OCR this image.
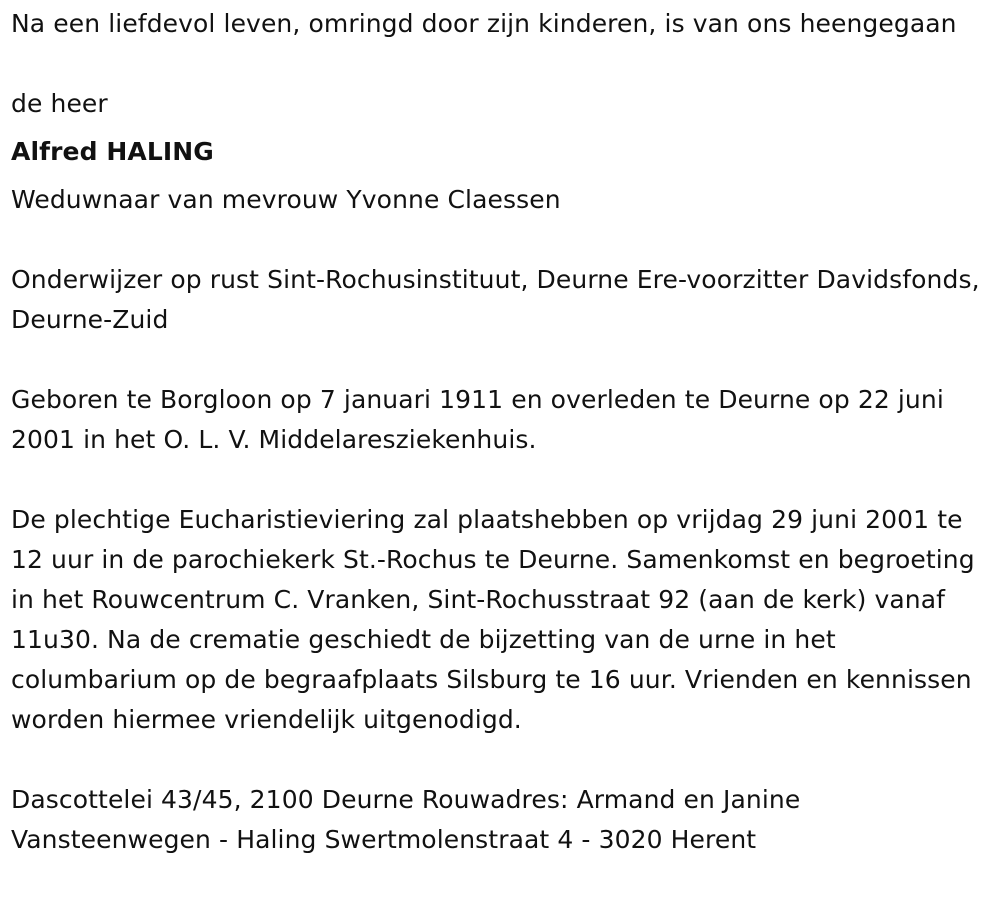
Na een liefdevol leven, omringd door zijn kinderen, is van ons heengegaan

de heer

Alfred HALING

Weduwnaar van mevrouw Yvonne Claessen

Onderwijzer op rust Sint-Rochusinstituut, Deurne Ere-voorzitter Davidsfonds, Deurne-Zuid

Geboren te Borgloon op 7 januari 1911 en overleden te Deurne op 22 juni 2001 in het O. L. V. Middelaresziekenhuis.

De plechtige Eucharistieviering zal plaatshebben op vrijdag 29 juni 2001 te 12 uur in de parochiekerk St.-Rochus te Deurne. Samenkomst en begroeting in het Rouwcentrum C. Vranken, Sint-Rochusstraat 92 (aan de kerk) vanaf 11u30. Na de crematie geschiedt de bijzetting van de urne in het columbarium op de begraafplaats Silsburg te 16 uur. Vrienden en kennissen worden hiermee vriendelijk uitgenodigd.

Dascottelei 43/45, 2100 Deurne Rouwadres: Armand en Janine Vansteenwegen - Haling Swertmolenstraat 4 - 3020 Herent
